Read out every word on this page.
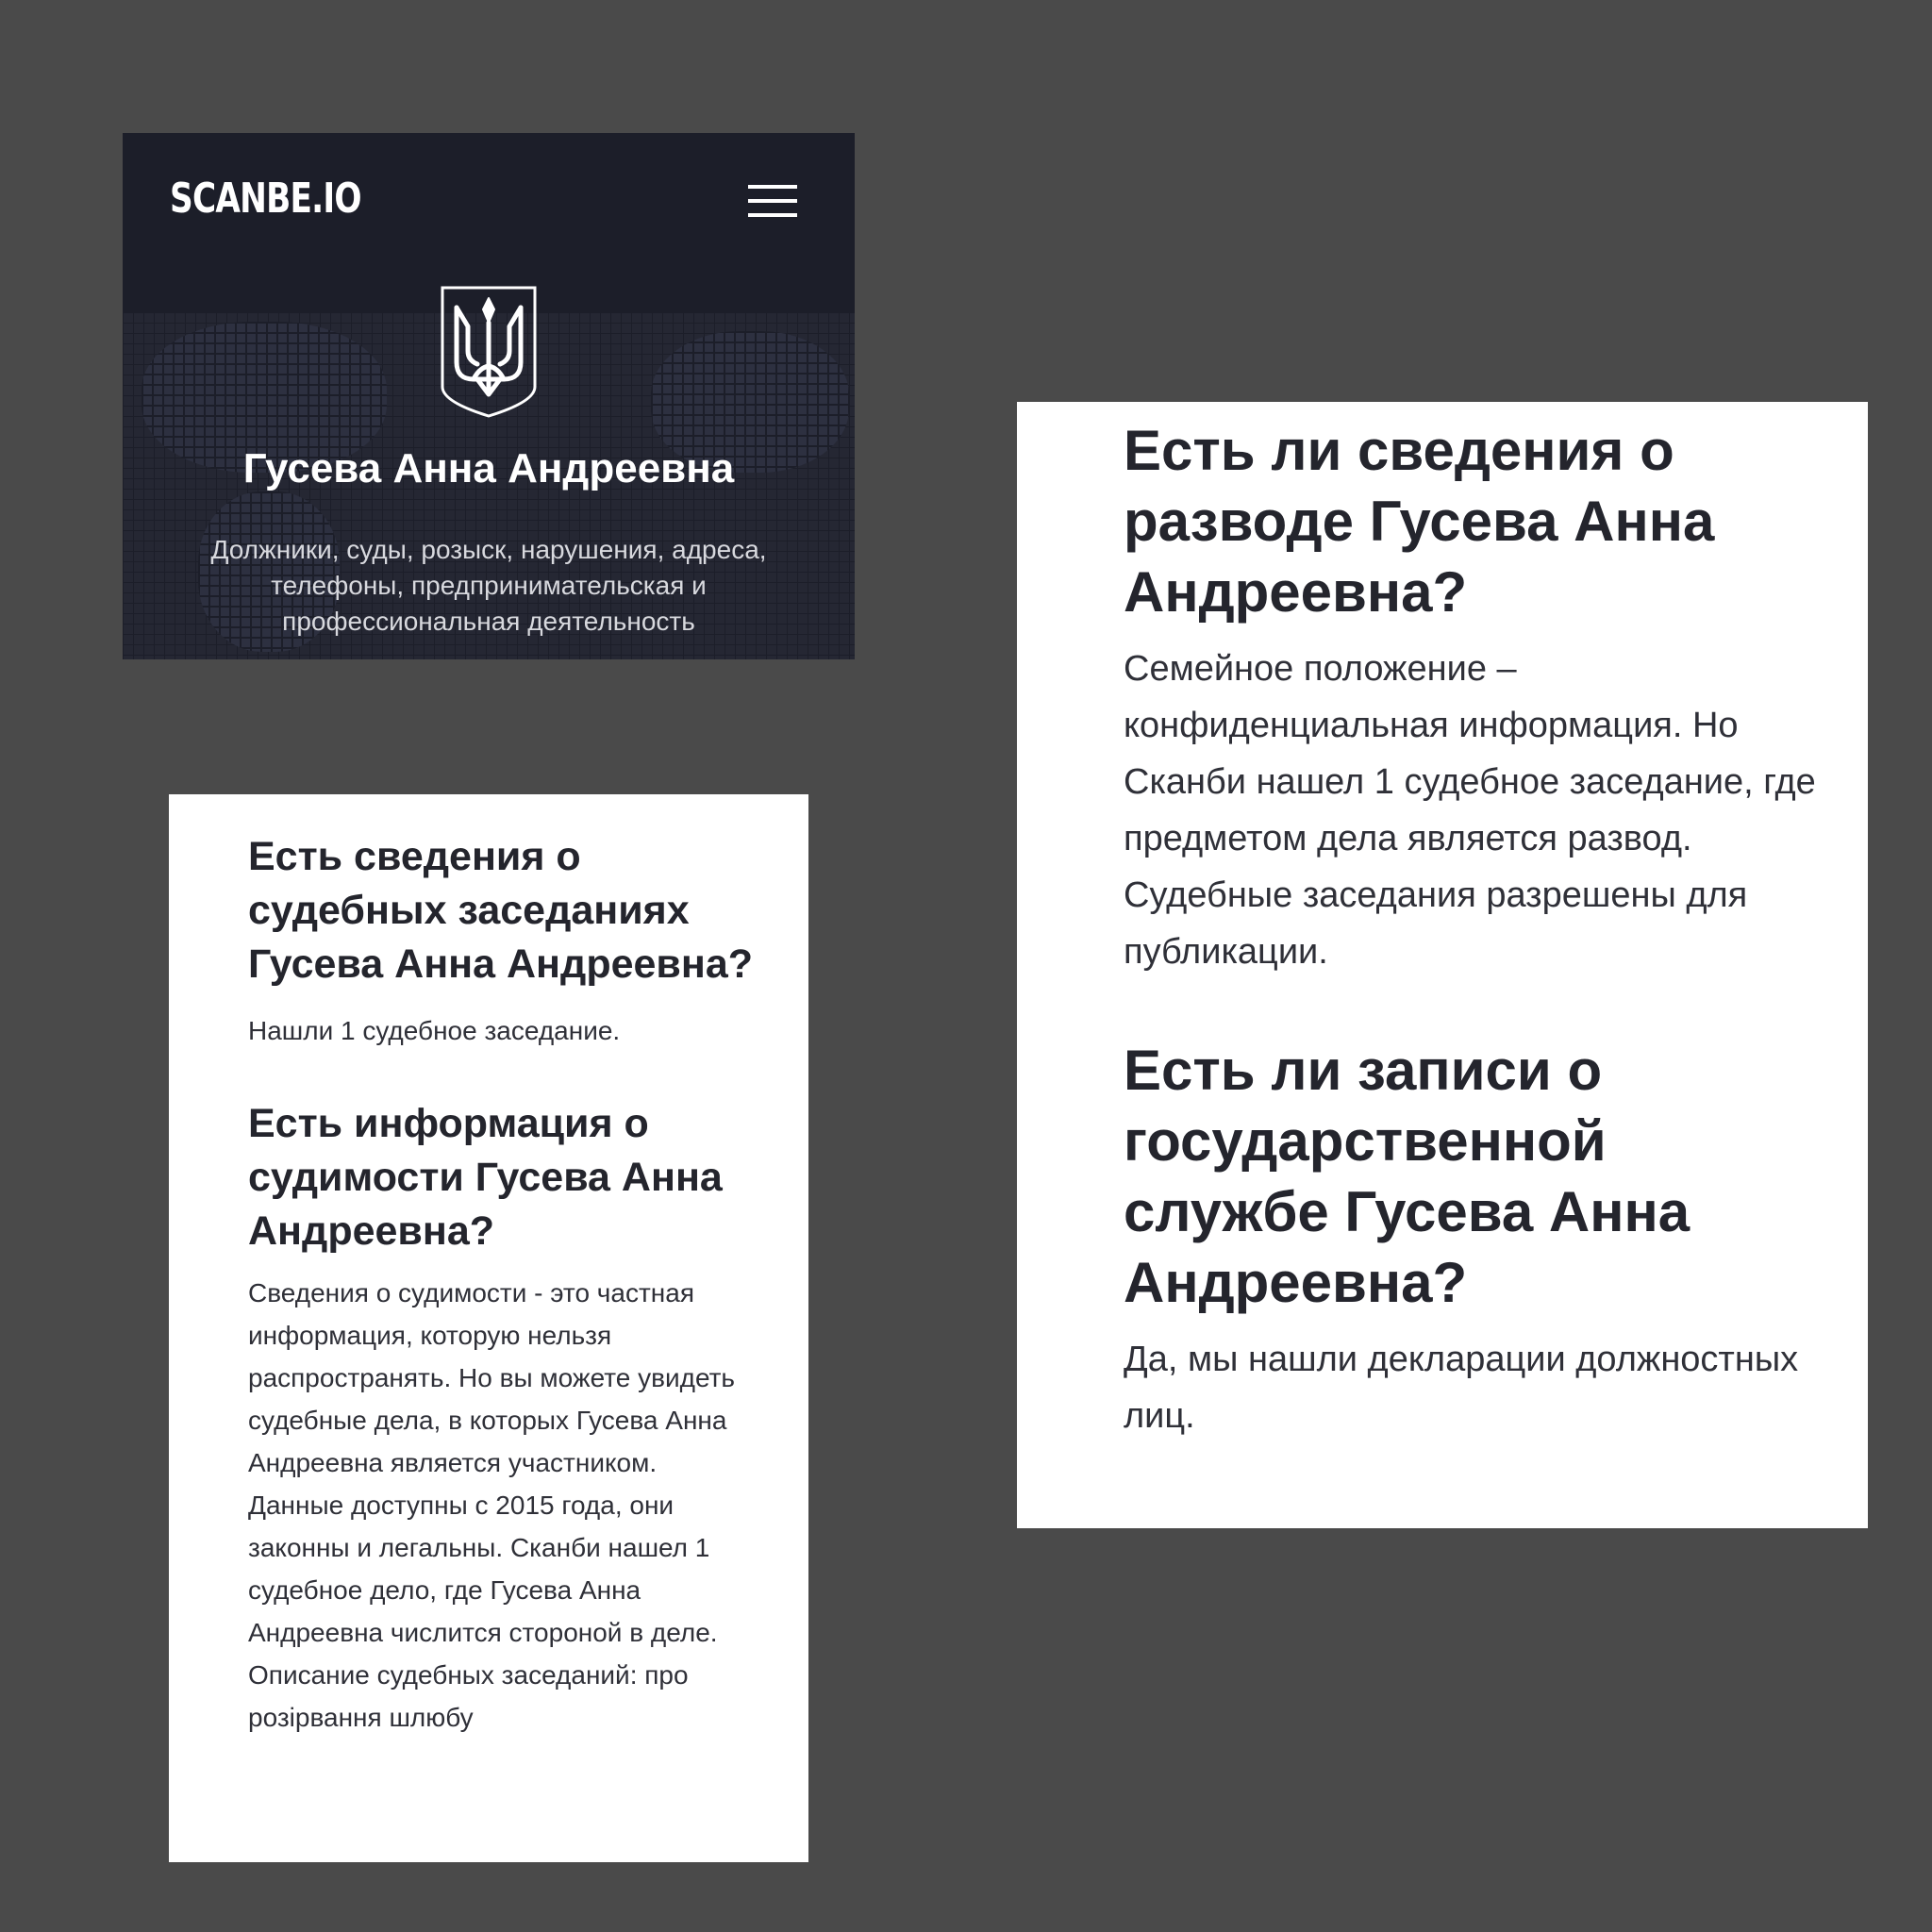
SCANBE.IO
Гусева Анна Андреевна
Должники, суды, розыск, нарушения, адреса, телефоны, предпринимательская и профессиональная деятельность
Есть сведения о судебных заседаниях Гусева Анна Андреевна?

Нашли 1 судебное заседание.

Есть информация о судимости Гусева Анна Андреевна?

Сведения о судимости - это частная информация, которую нельзя распространять. Но вы можете увидеть судебные дела, в которых Гусева Анна Андреевна является участником. Данные доступны с 2015 года, они законны и легальны. Сканби нашел 1 судебное дело, где Гусева Анна Андреевна числится стороной в деле. Описание судебных заседаний: про розірвання шлюбу

Есть ли сведения о разводе Гусева Анна Андреевна?

Семейное положение – конфиденциальная информация. Но Сканби нашел 1 судебное заседание, где предметом дела является развод. Судебные заседания разрешены для публикации.

Есть ли записи о государственной службе Гусева Анна Андреевна?

Да, мы нашли декларации должностных лиц.
